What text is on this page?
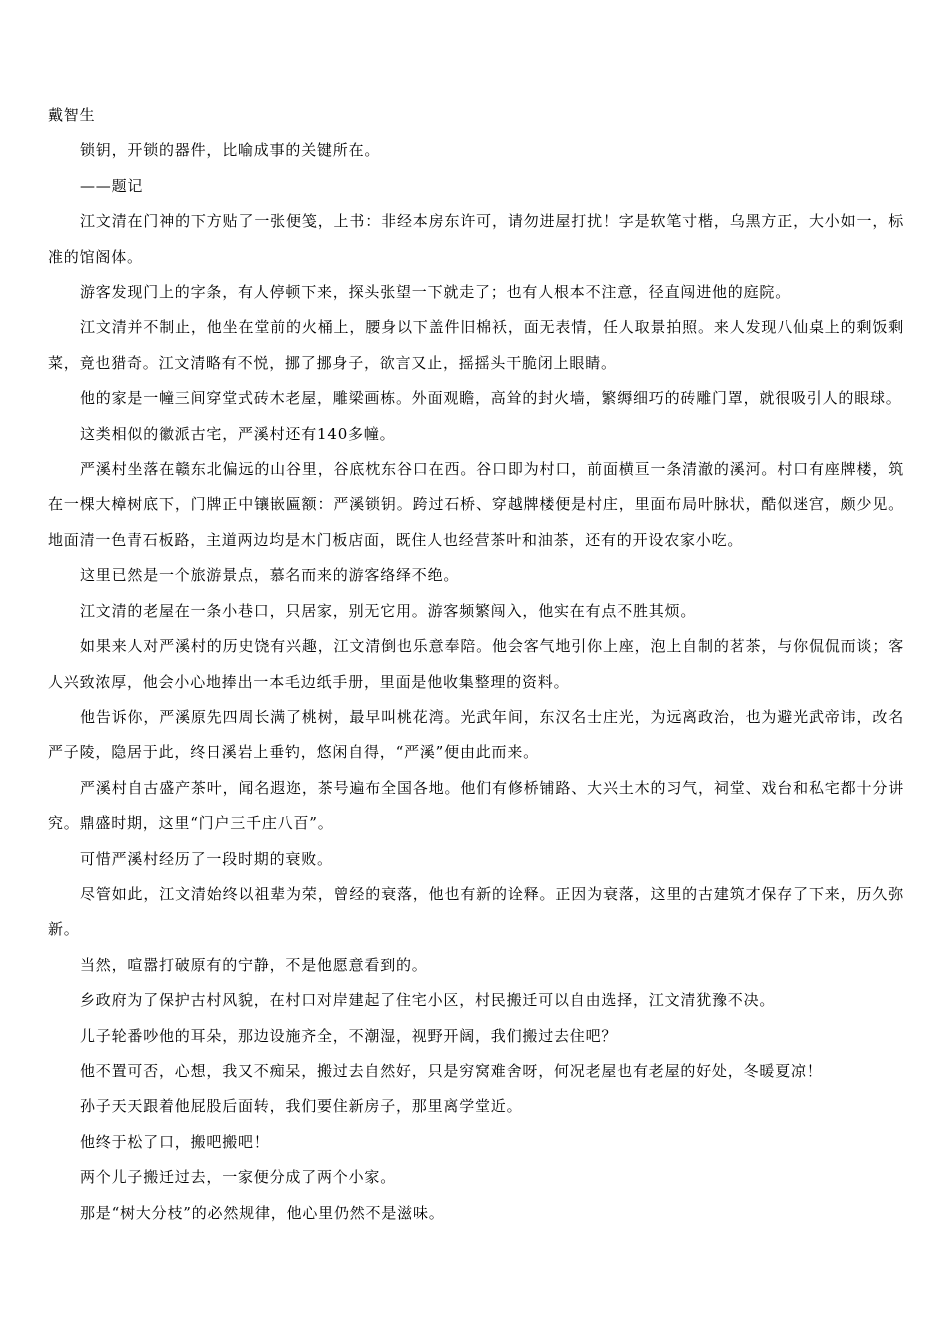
戴智生

锁钥，开锁的器件，比喻成事的关键所在。

——题记

江文清在门神的下方贴了一张便笺，上书：非经本房东许可，请勿进屋打扰！字是软笔寸楷，乌黑方正，大小如一，标准的馆阁体。

游客发现门上的字条，有人停顿下来，探头张望一下就走了；也有人根本不注意，径直闯进他的庭院。

江文清并不制止，他坐在堂前的火桶上，腰身以下盖件旧棉袄，面无表情，任人取景拍照。来人发现八仙桌上的剩饭剩菜，竟也猎奇。江文清略有不悦，挪了挪身子，欲言又止，摇摇头干脆闭上眼睛。

他的家是一幢三间穿堂式砖木老屋，雕梁画栋。外面观瞻，高耸的封火墙，繁缛细巧的砖雕门罩，就很吸引人的眼球。

这类相似的徽派古宅，严溪村还有140多幢。

严溪村坐落在赣东北偏远的山谷里，谷底枕东谷口在西。谷口即为村口，前面横亘一条清澈的溪河。村口有座牌楼，筑在一棵大樟树底下，门牌正中镶嵌匾额：严溪锁钥。跨过石桥、穿越牌楼便是村庄，里面布局叶脉状，酷似迷宫，颇少见。地面清一色青石板路，主道两边均是木门板店面，既住人也经营茶叶和油茶，还有的开设农家小吃。

这里已然是一个旅游景点，慕名而来的游客络绎不绝。

江文清的老屋在一条小巷口，只居家，别无它用。游客频繁闯入，他实在有点不胜其烦。

如果来人对严溪村的历史饶有兴趣，江文清倒也乐意奉陪。他会客气地引你上座，泡上自制的茗茶，与你侃侃而谈；客人兴致浓厚，他会小心地捧出一本毛边纸手册，里面是他收集整理的资料。

他告诉你，严溪原先四周长满了桃树，最早叫桃花湾。光武年间，东汉名士庄光，为远离政治，也为避光武帝讳，改名严子陵，隐居于此，终日溪岩上垂钓，悠闲自得，“严溪”便由此而来。

严溪村自古盛产茶叶，闻名遐迩，茶号遍布全国各地。他们有修桥铺路、大兴土木的习气，祠堂、戏台和私宅都十分讲究。鼎盛时期，这里“门户三千庄八百”。

可惜严溪村经历了一段时期的衰败。

尽管如此，江文清始终以祖辈为荣，曾经的衰落，他也有新的诠释。正因为衰落，这里的古建筑才保存了下来，历久弥新。

当然，喧嚣打破原有的宁静，不是他愿意看到的。

乡政府为了保护古村风貌，在村口对岸建起了住宅小区，村民搬迁可以自由选择，江文清犹豫不决。

儿子轮番吵他的耳朵，那边设施齐全，不潮湿，视野开阔，我们搬过去住吧？

他不置可否，心想，我又不痴呆，搬过去自然好，只是穷窝难舍呀，何况老屋也有老屋的好处，冬暖夏凉！

孙子天天跟着他屁股后面转，我们要住新房子，那里离学堂近。

他终于松了口，搬吧搬吧！

两个儿子搬迁过去，一家便分成了两个小家。

那是“树大分枝”的必然规律，他心里仍然不是滋味。
